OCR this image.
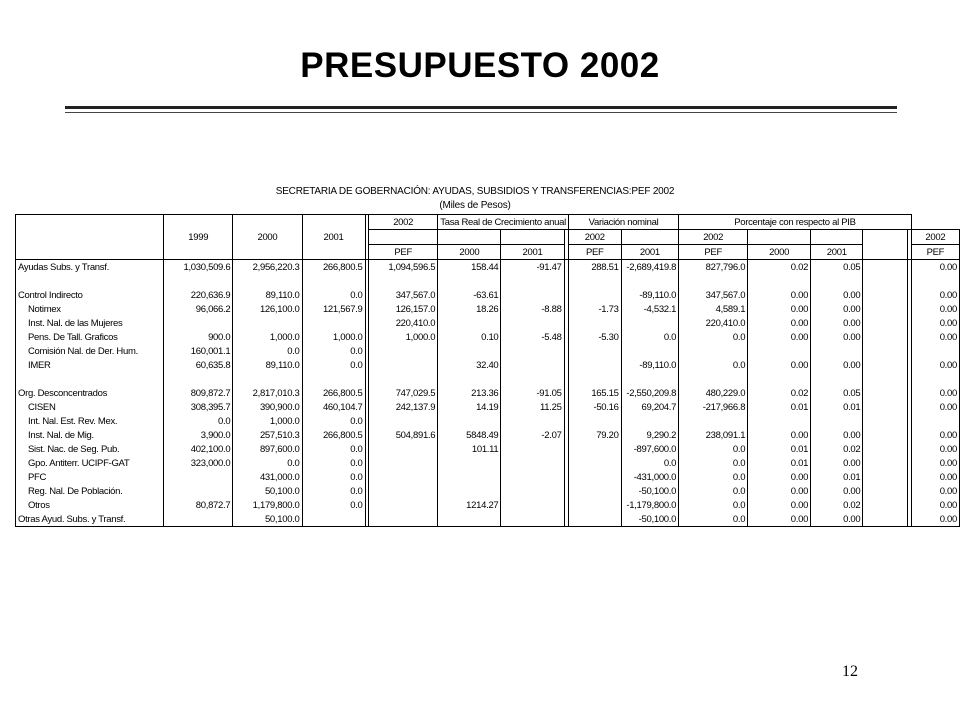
PRESUPUESTO 2002
SECRETARIA DE GOBERNACIÓN: AYUDAS, SUBSIDIOS Y TRANSFERENCIAS:PEF 2002
(Miles de Pesos)
					2002	Tasa Real de Crecimiento anual			Variación nominal		Porcentaje con respecto al PIB					
	1999	2000	2001						2002		2002					2002
					PEF	2000	2001		PEF	2001	PEF	2000	2001			PEF
Ayudas Subs. y Transf.	1,030,509.6	2,956,220.3	266,800.5		1,094,596.5	158.44	-91.47		288.51	-2,689,419.8	827,796.0	0.02	0.05			0.00

Control Indirecto	220,636.9	89,110.0	0.0		347,567.0	-63.61				-89,110.0	347,567.0	0.00	0.00			0.00
Notimex	96,066.2	126,100.0	121,567.9		126,157.0	18.26	-8.88		-1.73	-4,532.1	4,589.1	0.00	0.00			0.00
Inst. Nal. de las Mujeres					220,410.0						220,410.0	0.00	0.00			0.00
Pens. De Tall. Graficos	900.0	1,000.0	1,000.0		1,000.0	0.10	-5.48		-5.30	0.0	0.0	0.00	0.00			0.00
Comisión Nal. de Der. Hum.	160,001.1	0.0	0.0													
IMER	60,635.8	89,110.0	0.0			32.40				-89,110.0	0.0	0.00	0.00			0.00

Org. Desconcentrados	809,872.7	2,817,010.3	266,800.5		747,029.5	213.36	-91.05		165.15	-2,550,209.8	480,229.0	0.02	0.05			0.00
CISEN	308,395.7	390,900.0	460,104.7		242,137.9	14.19	11.25		-50.16	69,204.7	-217,966.8	0.01	0.01			0.00
Int. Nal. Est. Rev. Mex.	0.0	1,000.0	0.0													
Inst. Nal. de Mig.	3,900.0	257,510.3	266,800.5		504,891.6	5848.49	-2.07		79.20	9,290.2	238,091.1	0.00	0.00			0.00
Sist. Nac. de Seg. Pub.	402,100.0	897,600.0	0.0			101.11				-897,600.0	0.0	0.01	0.02			0.00
Gpo. Antiterr. UCIPF-GAT	323,000.0	0.0	0.0							0.0	0.0	0.01	0.00			0.00
PFC		431,000.0	0.0							-431,000.0	0.0	0.00	0.01			0.00
Reg. Nal. De Población.		50,100.0	0.0							-50,100.0	0.0	0.00	0.00			0.00
Otros	80,872.7	1,179,800.0	0.0			1214.27				-1,179,800.0	0.0	0.00	0.02			0.00
Otras Ayud. Subs. y Transf.		50,100.0								-50,100.0	0.0	0.00	0.00			0.00
12
